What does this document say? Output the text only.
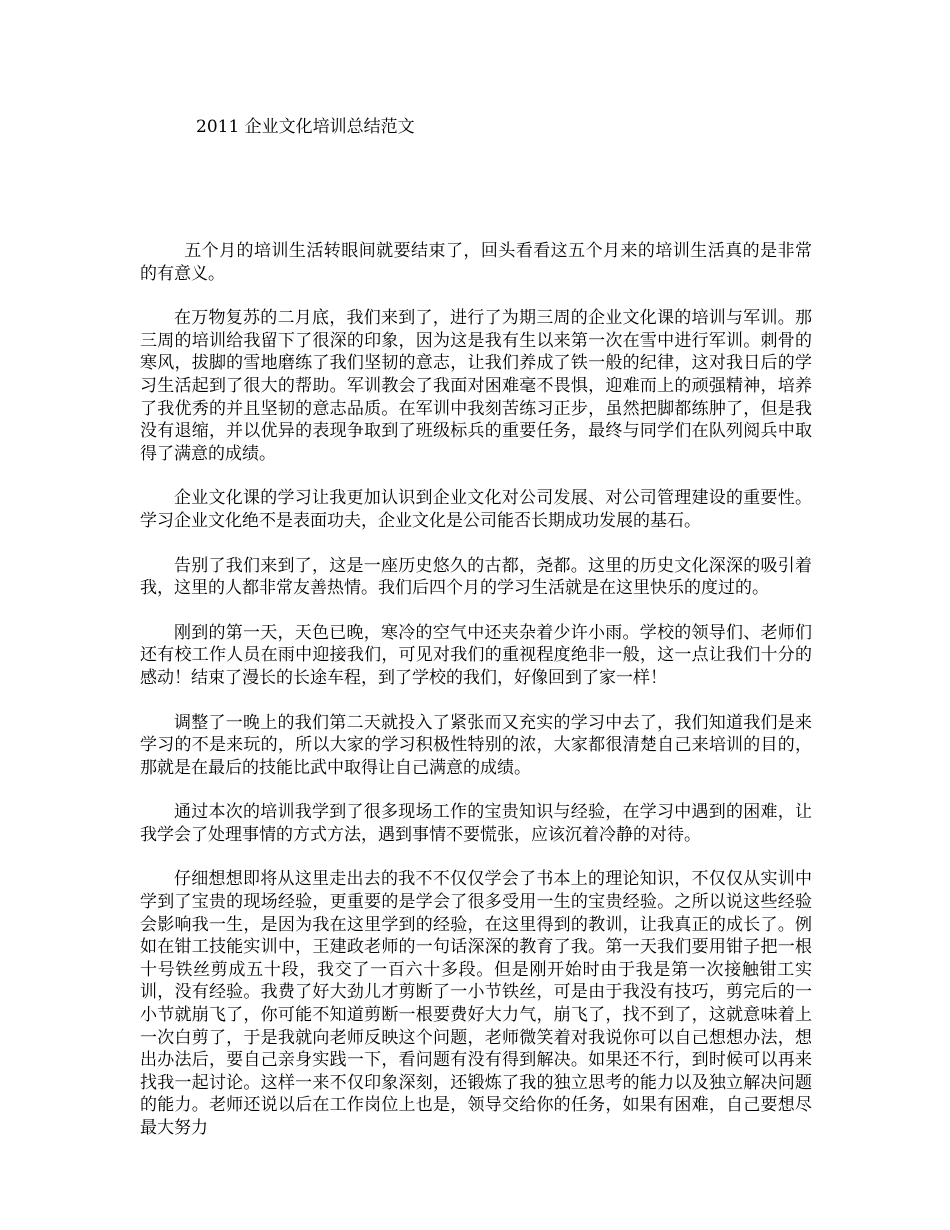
2011 企业文化培训总结范文

五个月的培训生活转眼间就要结束了，回头看看这五个月来的培训生活真的是非常的有意义。

在万物复苏的二月底，我们来到了，进行了为期三周的企业文化课的培训与军训。那三周的培训给我留下了很深的印象，因为这是我有生以来第一次在雪中进行军训。刺骨的寒风，拔脚的雪地磨练了我们坚韧的意志，让我们养成了铁一般的纪律，这对我日后的学习生活起到了很大的帮助。军训教会了我面对困难毫不畏惧，迎难而上的顽强精神，培养了我优秀的并且坚韧的意志品质。在军训中我刻苦练习正步，虽然把脚都练肿了，但是我没有退缩，并以优异的表现争取到了班级标兵的重要任务，最终与同学们在队列阅兵中取得了满意的成绩。

企业文化课的学习让我更加认识到企业文化对公司发展、对公司管理建设的重要性。学习企业文化绝不是表面功夫，企业文化是公司能否长期成功发展的基石。

告别了我们来到了，这是一座历史悠久的古都，尧都。这里的历史文化深深的吸引着我，这里的人都非常友善热情。我们后四个月的学习生活就是在这里快乐的度过的。

刚到的第一天，天色已晚，寒冷的空气中还夹杂着少许小雨。学校的领导们、老师们还有校工作人员在雨中迎接我们，可见对我们的重视程度绝非一般，这一点让我们十分的感动！结束了漫长的长途车程，到了学校的我们，好像回到了家一样！

调整了一晚上的我们第二天就投入了紧张而又充实的学习中去了，我们知道我们是来学习的不是来玩的，所以大家的学习积极性特别的浓，大家都很清楚自己来培训的目的，那就是在最后的技能比武中取得让自己满意的成绩。

通过本次的培训我学到了很多现场工作的宝贵知识与经验，在学习中遇到的困难，让我学会了处理事情的方式方法，遇到事情不要慌张，应该沉着冷静的对待。

仔细想想即将从这里走出去的我不不仅仅学会了书本上的理论知识，不仅仅从实训中学到了宝贵的现场经验，更重要的是学会了很多受用一生的宝贵经验。之所以说这些经验会影响我一生，是因为我在这里学到的经验，在这里得到的教训，让我真正的成长了。例如在钳工技能实训中，王建政老师的一句话深深的教育了我。第一天我们要用钳子把一根十号铁丝剪成五十段，我交了一百六十多段。但是刚开始时由于我是第一次接触钳工实训，没有经验。我费了好大劲儿才剪断了一小节铁丝，可是由于我没有技巧，剪完后的一小节就崩飞了，你可能不知道剪断一根要费好大力气，崩飞了，找不到了，这就意味着上一次白剪了，于是我就向老师反映这个问题，老师微笑着对我说你可以自己想想办法，想出办法后，要自己亲身实践一下，看问题有没有得到解决。如果还不行，到时候可以再来找我一起讨论。这样一来不仅印象深刻，还锻炼了我的独立思考的能力以及独立解决问题的能力。老师还说以后在工作岗位上也是，领导交给你的任务，如果有困难，自己要想尽最大努力
